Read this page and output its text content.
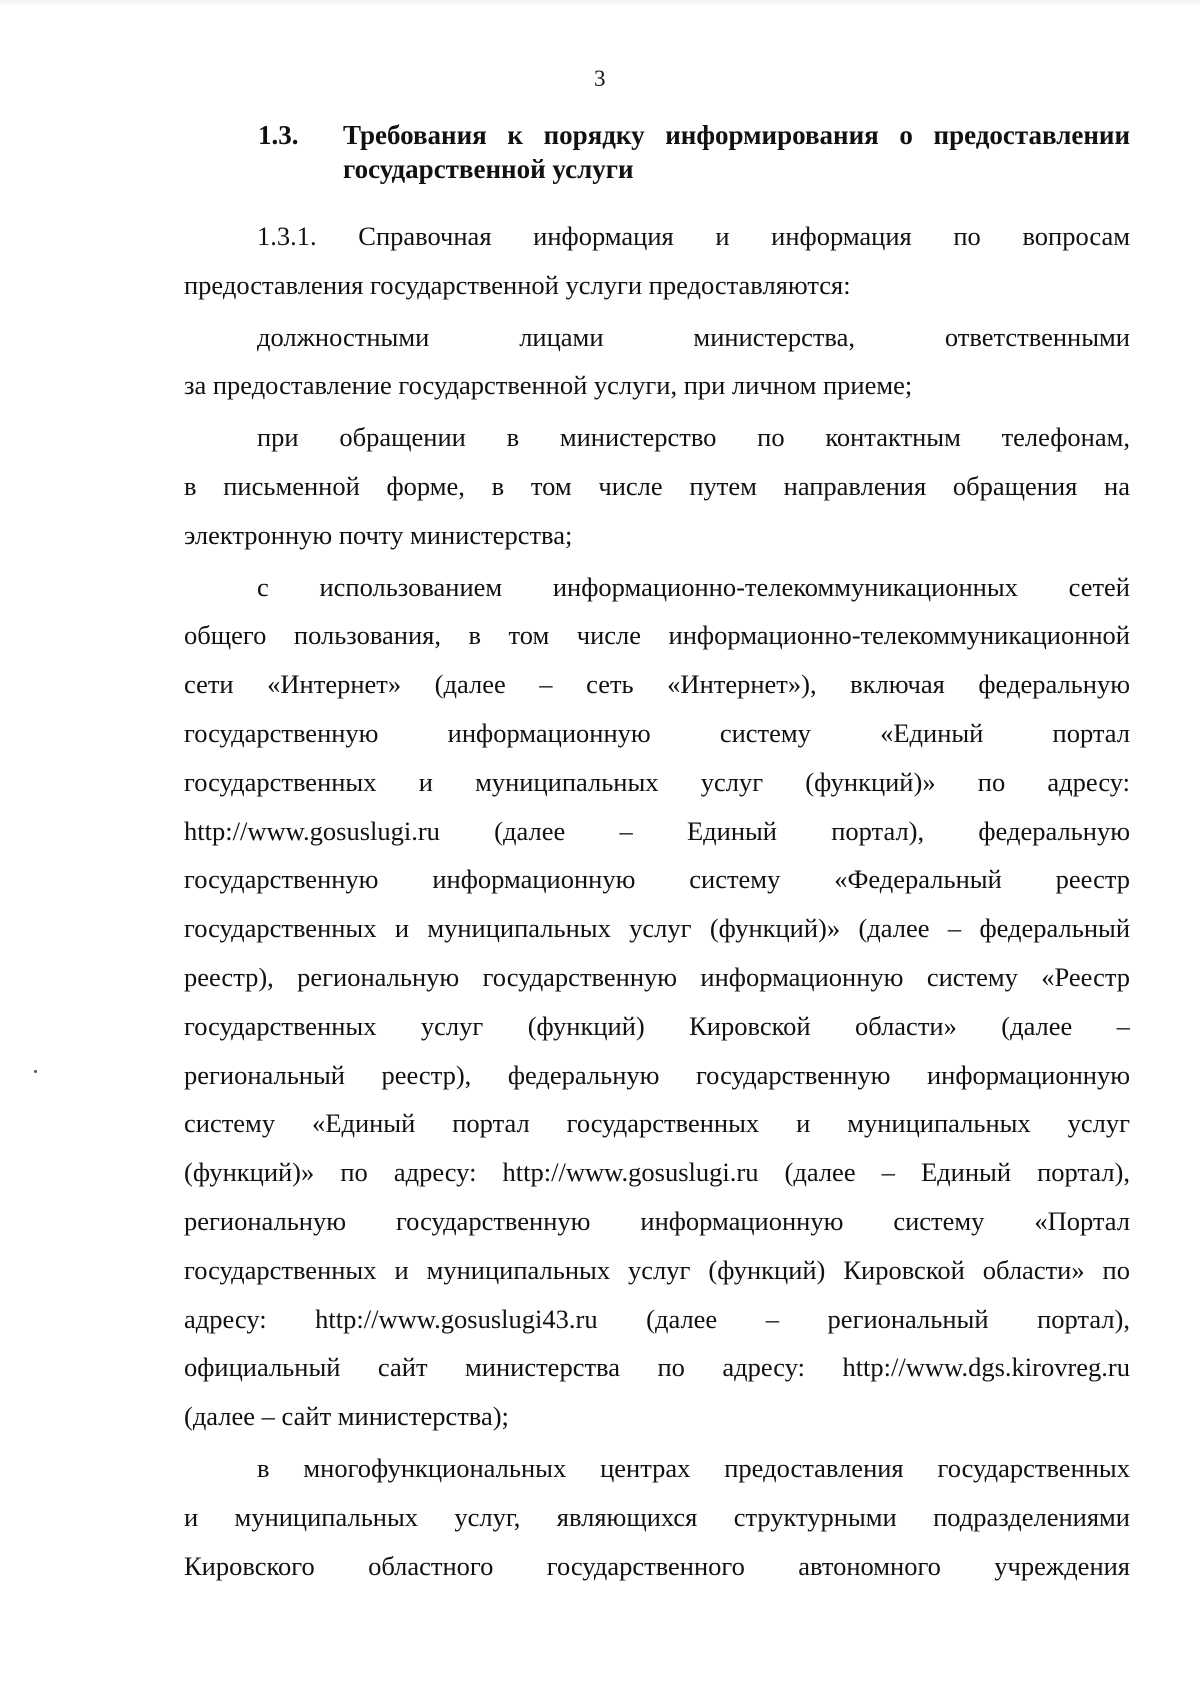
3
1.3. Требования к порядку информирования о предоставлении
государственной услуги
1.3.1. Справочная информация и информация по вопросам
предоставления государственной услуги предоставляются:
должностными лицами министерства, ответственными
за предоставление государственной услуги, при личном приеме;
при обращении в министерство по контактным телефонам,
в письменной форме, в том числе путем направления обращения на
электронную почту министерства;
с использованием информационно-телекоммуникационных сетей
общего пользования, в том числе информационно-телекоммуникационной
сети «Интернет» (далее – сеть «Интернет»), включая федеральную
государственную информационную систему «Единый портал
государственных и муниципальных услуг (функций)» по адресу:
http://www.gosuslugi.ru (далее – Единый портал), федеральную
государственную информационную систему «Федеральный реестр
государственных и муниципальных услуг (функций)» (далее – федеральный
реестр), региональную государственную информационную систему «Реестр
государственных услуг (функций) Кировской области» (далее –
региональный реестр), федеральную государственную информационную
систему «Единый портал государственных и муниципальных услуг
(функций)» по адресу: http://www.gosuslugi.ru (далее – Единый портал),
региональную государственную информационную систему «Портал
государственных и муниципальных услуг (функций) Кировской области» по
адресу: http://www.gosuslugi43.ru (далее – региональный портал),
официальный сайт министерства по адресу: http://www.dgs.kirovreg.ru
(далее – сайт министерства);
в многофункциональных центрах предоставления государственных
и муниципальных услуг, являющихся структурными подразделениями
Кировского областного государственного автономного учреждения
